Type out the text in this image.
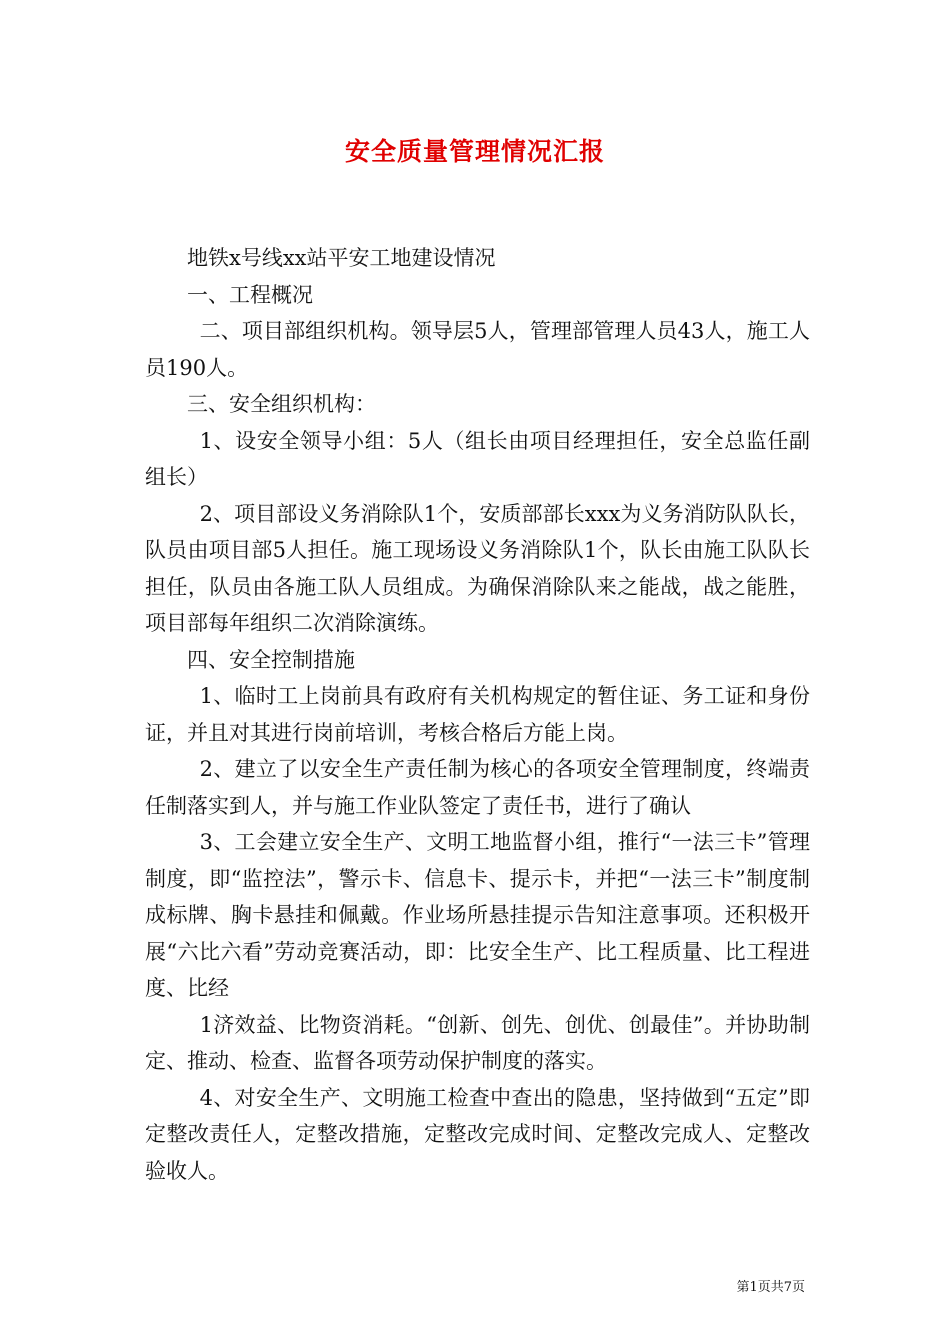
安全质量管理情况汇报

地铁x号线xx站平安工地建设情况

一、工程概况

二、项目部组织机构。领导层5人，管理部管理人员43人，施工人员190人。

三、安全组织机构：

1、设安全领导小组：5人（组长由项目经理担任，安全总监任副组长）

2、项目部设义务消除队1个，安质部部长xxx为义务消防队队长，队员由项目部5人担任。施工现场设义务消除队1个，队长由施工队队长担任，队员由各施工队人员组成。为确保消除队来之能战，战之能胜，项目部每年组织二次消除演练。

四、安全控制措施

1、临时工上岗前具有政府有关机构规定的暂住证、务工证和身份证，并且对其进行岗前培训，考核合格后方能上岗。

2、建立了以安全生产责任制为核心的各项安全管理制度，终端责任制落实到人，并与施工作业队签定了责任书，进行了确认

3、工会建立安全生产、文明工地监督小组，推行“一法三卡”管理制度，即“监控法”，警示卡、信息卡、提示卡，并把“一法三卡”制度制成标牌、胸卡悬挂和佩戴。作业场所悬挂提示告知注意事项。还积极开展“六比六看”劳动竞赛活动，即：比安全生产、比工程质量、比工程进度、比经

1济效益、比物资消耗。“创新、创先、创优、创最佳”。并协助制定、推动、检查、监督各项劳动保护制度的落实。

4、对安全生产、文明施工检查中查出的隐患，坚持做到“五定”即定整改责任人，定整改措施，定整改完成时间、定整改完成人、定整改验收人。

第1页共7页
